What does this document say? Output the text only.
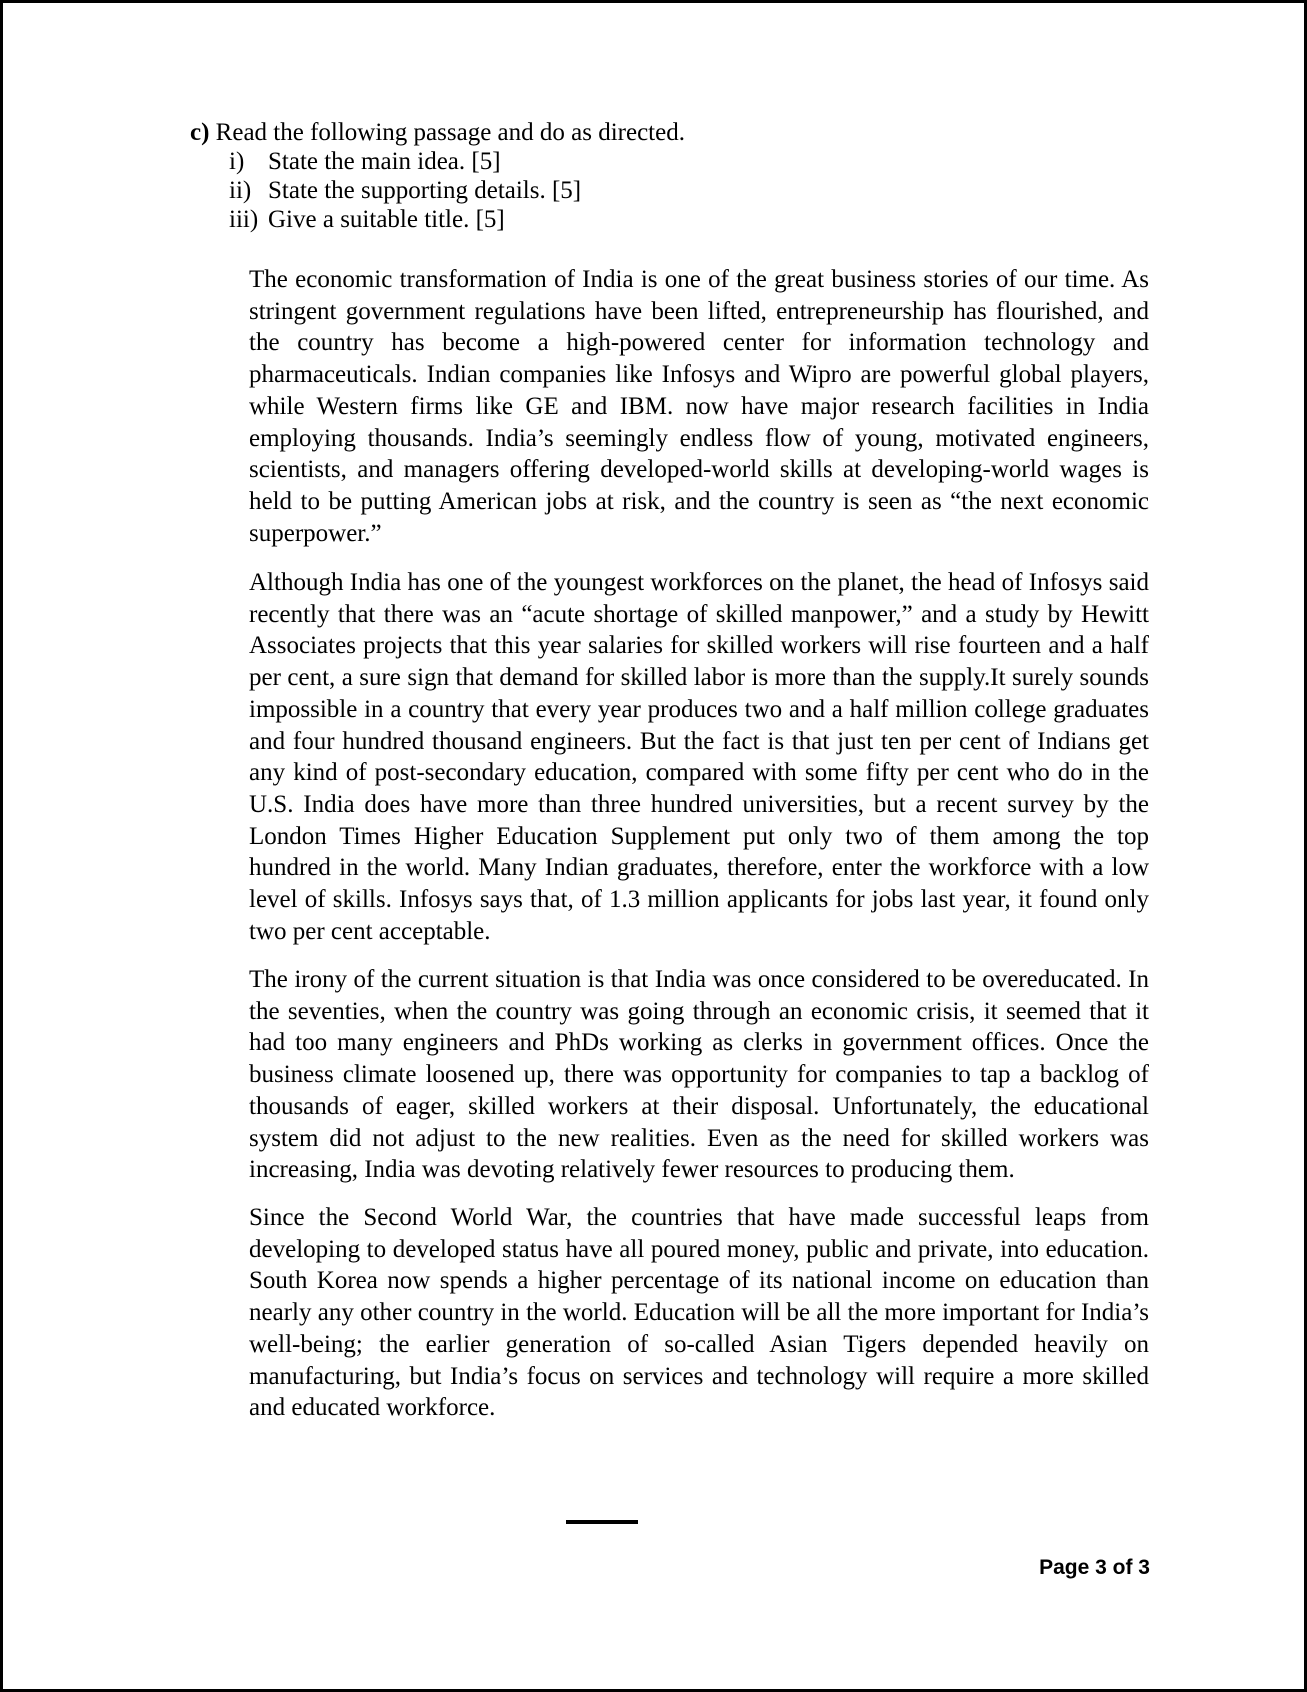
c) Read the following passage and do as directed.
i) State the main idea. [5]
ii) State the supporting details. [5]
iii) Give a suitable title. [5]

The economic transformation of India is one of the great business stories of our time. As stringent government regulations have been lifted, entrepreneurship has flourished, and the country has become a high-powered center for information technology and pharmaceuticals. Indian companies like Infosys and Wipro are powerful global players, while Western firms like GE and IBM. now have major research facilities in India employing thousands. India’s seemingly endless flow of young, motivated engineers, scientists, and managers offering developed-world skills at developing-world wages is held to be putting American jobs at risk, and the country is seen as “the next economic superpower.”

Although India has one of the youngest workforces on the planet, the head of Infosys said recently that there was an “acute shortage of skilled manpower,” and a study by Hewitt Associates projects that this year salaries for skilled workers will rise fourteen and a half per cent, a sure sign that demand for skilled labor is more than the supply.It surely sounds impossible in a country that every year produces two and a half million college graduates and four hundred thousand engineers. But the fact is that just ten per cent of Indians get any kind of post-secondary education, compared with some fifty per cent who do in the U.S. India does have more than three hundred universities, but a recent survey by the London Times Higher Education Supplement put only two of them among the top hundred in the world. Many Indian graduates, therefore, enter the workforce with a low level of skills. Infosys says that, of 1.3 million applicants for jobs last year, it found only two per cent acceptable.

The irony of the current situation is that India was once considered to be overeducated. In the seventies, when the country was going through an economic crisis, it seemed that it had too many engineers and PhDs working as clerks in government offices. Once the business climate loosened up, there was opportunity for companies to tap a backlog of thousands of eager, skilled workers at their disposal. Unfortunately, the educational system did not adjust to the new realities. Even as the need for skilled workers was increasing, India was devoting relatively fewer resources to producing them.

Since the Second World War, the countries that have made successful leaps from developing to developed status have all poured money, public and private, into education. South Korea now spends a higher percentage of its national income on education than nearly any other country in the world. Education will be all the more important for India’s well-being; the earlier generation of so-called Asian Tigers depended heavily on manufacturing, but India’s focus on services and technology will require a more skilled and educated workforce.

Page 3 of 3
